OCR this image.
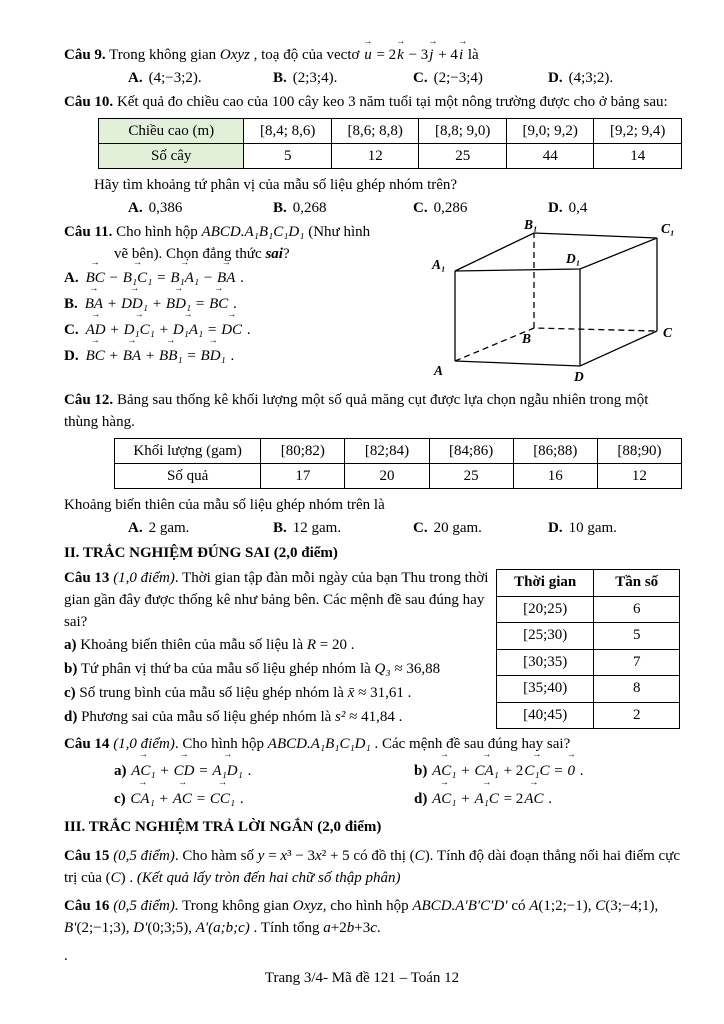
Câu 9. Trong không gian Oxyz , toạ độ của vectơ → u = 2→ k − 3→ j + 4→ i là

A. (4;−3;2).	B. (2;3;4).	C. (2;−3;4)	D. (4;3;2).

Câu 10. Kết quả đo chiều cao của 100 cây keo 3 năm tuổi tại một nông trường được cho ở bảng sau:

Chiều cao (m)	[8,4; 8,6)	[8,6; 8,8)	[8,8; 9,0)	[9,0; 9,2)	[9,2; 9,4)
Số cây	5	12	25	44	14

Hãy tìm khoảng tứ phân vị của mẫu số liệu ghép nhóm trên?

A. 0,386	B. 0,268	C. 0,286	D. 0,4

Câu 11. Cho hình hộp ABCD.A₁B₁C₁D₁ (Như hình

vẽ bên). Chọn đẳng thức sai?

A. → BC − → B₁C₁ = → B₁A₁ − → BA .

B. → BA + → DD₁ + → BD₁ = → BC .

C. → AD + → D₁C₁ + → D₁A₁ = → DC .

D. → BC + → BA + → BB₁ = → BD₁ .

A₁
B₁	C₁
D₁
A
B	C
D

Câu 12. Bảng sau thống kê khối lượng một số quả măng cụt được lựa chọn ngẫu nhiên trong một thùng hàng.

Khối lượng (gam)	[80;82)	[82;84)	[84;86)	[86;88)	[88;90)
Số quả	17	20	25	16	12

Khoảng biến thiên của mẫu số liệu ghép nhóm trên là

A. 2 gam.	B. 12 gam.	C. 20 gam.	D. 10 gam.

II. TRẮC NGHIỆM ĐÚNG SAI (2,0 điểm)

Câu 13 (1,0 điểm). Thời gian tập đàn mỗi ngày của bạn Thu trong thời gian gần đây được thống kê như bảng bên. Các mệnh đề sau đúng hay sai?

a) Khoảng biến thiên của mẫu số liệu là R = 20 .

b) Tứ phân vị thứ ba của mẫu số liệu ghép nhóm là Q₃ ≈ 36,88

c) Số trung bình của mẫu số liệu ghép nhóm là x̄ ≈ 31,61 .

d) Phương sai của mẫu số liệu ghép nhóm là s² ≈ 41,84 .

Thời gian	Tần số
[20;25)	6
[25;30)	5
[30;35)	7
[35;40)	8
[40;45)	2

Câu 14 (1,0 điểm). Cho hình hộp ABCD.A₁B₁C₁D₁ . Các mệnh đề sau đúng hay sai?

a) → AC₁ + → CD = → A₁D₁ .	b) → AC₁ + → CA₁ + 2→ C₁C = → 0 .

c) → CA₁ + → AC = → CC₁ .	d) → AC₁ + → A₁C = 2→ AC .

III. TRẮC NGHIỆM TRẢ LỜI NGẮN (2,0 điểm)

Câu 15 (0,5 điểm). Cho hàm số y = x³ − 3x² + 5 có đồ thị (C). Tính độ dài đoạn thẳng nối hai điểm cực trị của (C) . (Kết quả lấy tròn đến hai chữ số thập phân)

Câu 16 (0,5 điểm). Trong không gian Oxyz, cho hình hộp ABCD.A′B′C′D′ có A(1;2;−1), C(3;−4;1), B′(2;−1;3), D′(0;3;5), A′(a;b;c) . Tính tổng a+2b+3c.

.

Trang 3/4- Mã đề 121 – Toán 12
